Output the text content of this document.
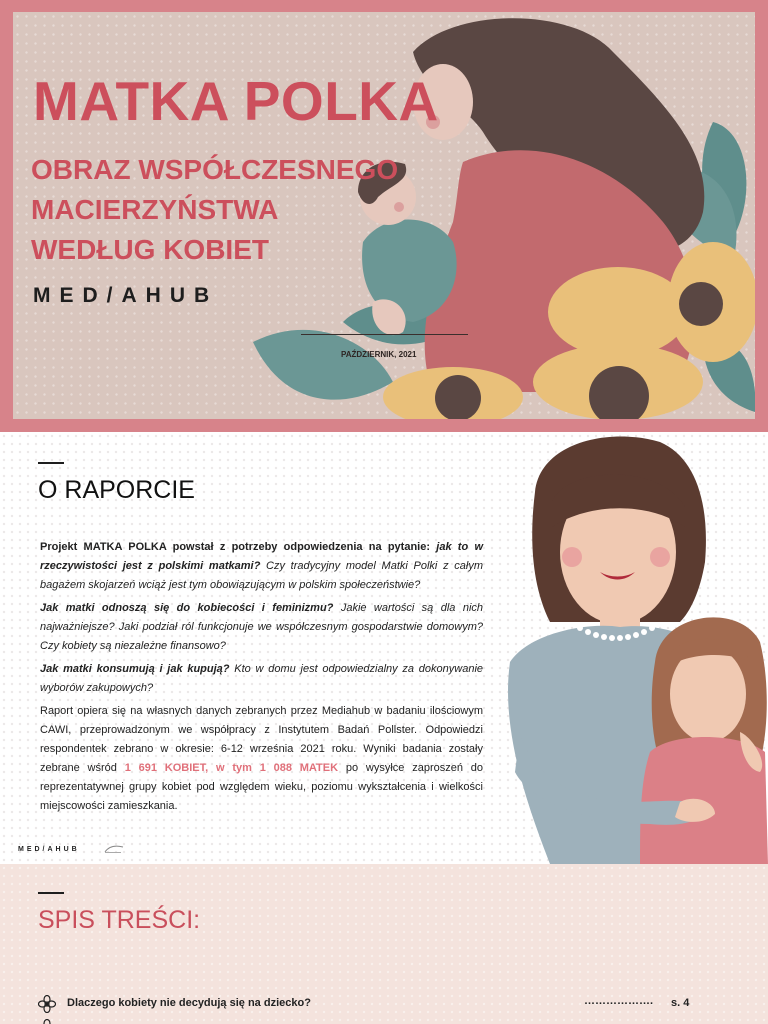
MATKA POLKA
OBRAZ WSPÓŁCZESNEGO
MACIERZYŃSTWA
WEDŁUG KOBIET
MED/AHUB
PAŹDZIERNIK, 2021
O RAPORCIE

Projekt MATKA POLKA powstał z potrzeby odpowiedzenia na pytanie: jak to w rzeczywistości jest z polskimi matkami? Czy tradycyjny model Matki Polki z całym bagażem skojarzeń wciąż jest tym obowiązującym w polskim społeczeństwie?

Jak matki odnoszą się do kobiecości i feminizmu? Jakie wartości są dla nich najważniejsze? Jaki podział ról funkcjonuje we współczesnym gospodarstwie domowym? Czy kobiety są niezależne finansowo?

Jak matki konsumują i jak kupują? Kto w domu jest odpowiedzialny za dokonywanie wyborów zakupowych?

Raport opiera się na własnych danych zebranych przez Mediahub w badaniu ilościowym CAWI, przeprowadzonym we współpracy z Instytutem Badań Pollster. Odpowiedzi respondentek zebrano w okresie: 6-12 września 2021 roku. Wyniki badania zostały zebrane wśród 1 691 KOBIET, w tym 1 088 MATEK po wysyłce zaproszeń do reprezentatywnej grupy kobiet pod względem wieku, poziomu wykształcenia i wielkości miejscowości zamieszkania.

MED/AHUB
SPIS TREŚCI:
Dlaczego kobiety nie decydują się na dziecko?	………………. s. 4
